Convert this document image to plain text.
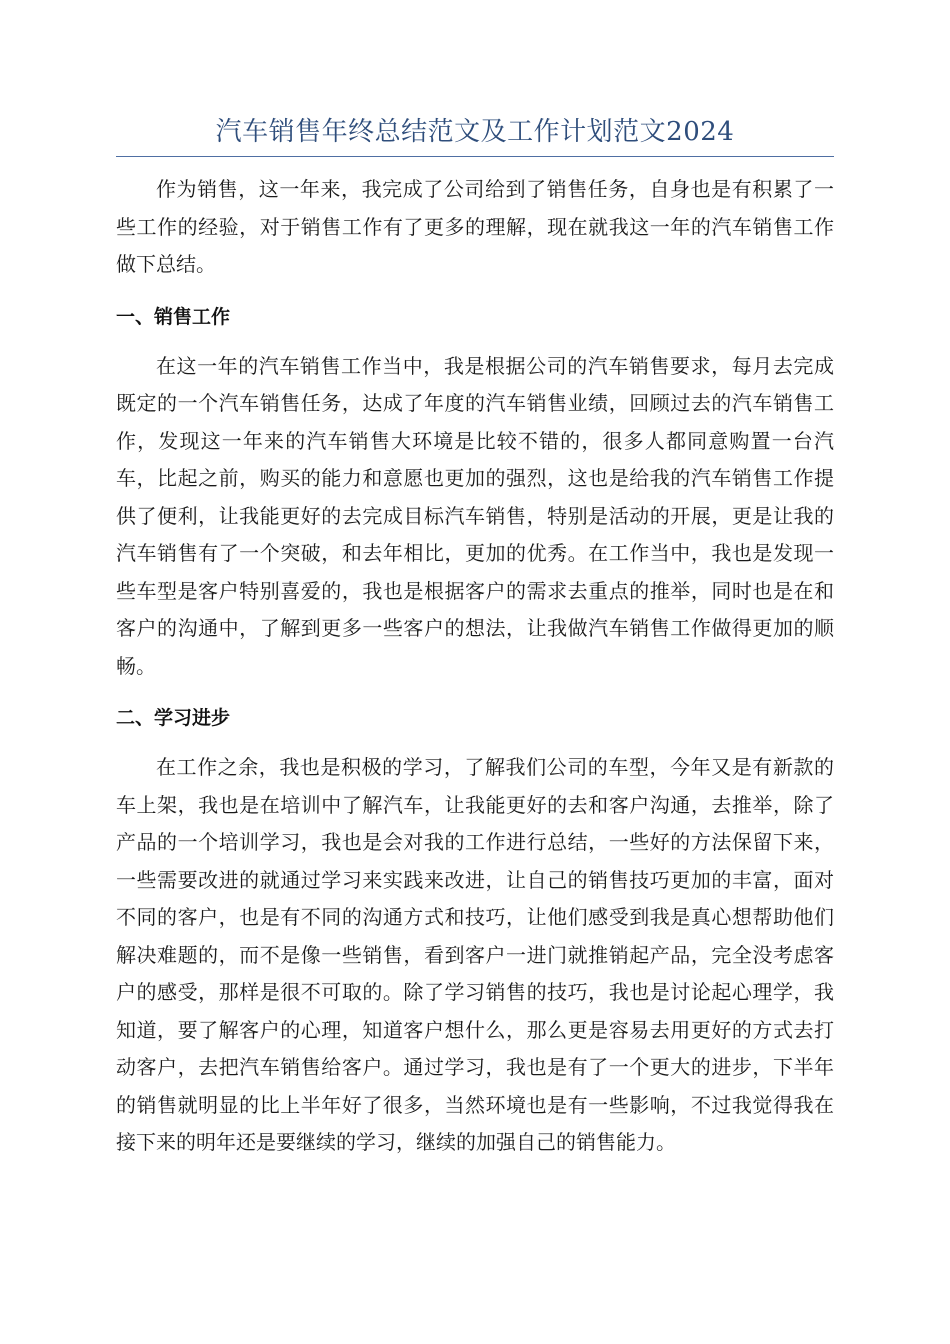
汽车销售年终总结范文及工作计划范文2024

作为销售，这一年来，我完成了公司给到了销售任务，自身也是有积累了一些工作的经验，对于销售工作有了更多的理解，现在就我这一年的汽车销售工作做下总结。

一、销售工作

在这一年的汽车销售工作当中，我是根据公司的汽车销售要求，每月去完成既定的一个汽车销售任务，达成了年度的汽车销售业绩，回顾过去的汽车销售工作，发现这一年来的汽车销售大环境是比较不错的，很多人都同意购置一台汽车，比起之前，购买的能力和意愿也更加的强烈，这也是给我的汽车销售工作提供了便利，让我能更好的去完成目标汽车销售，特别是活动的开展，更是让我的汽车销售有了一个突破，和去年相比，更加的优秀。在工作当中，我也是发现一些车型是客户特别喜爱的，我也是根据客户的需求去重点的推举，同时也是在和客户的沟通中，了解到更多一些客户的想法，让我做汽车销售工作做得更加的顺畅。

二、学习进步

在工作之余，我也是积极的学习，了解我们公司的车型，今年又是有新款的车上架，我也是在培训中了解汽车，让我能更好的去和客户沟通，去推举，除了产品的一个培训学习，我也是会对我的工作进行总结，一些好的方法保留下来，一些需要改进的就通过学习来实践来改进，让自己的销售技巧更加的丰富，面对不同的客户，也是有不同的沟通方式和技巧，让他们感受到我是真心想帮助他们解决难题的，而不是像一些销售，看到客户一进门就推销起产品，完全没考虑客户的感受，那样是很不可取的。除了学习销售的技巧，我也是讨论起心理学，我知道，要了解客户的心理，知道客户想什么，那么更是容易去用更好的方式去打动客户，去把汽车销售给客户。通过学习，我也是有了一个更大的进步，下半年的销售就明显的比上半年好了很多，当然环境也是有一些影响，不过我觉得我在接下来的明年还是要继续的学习，继续的加强自己的销售能力。
